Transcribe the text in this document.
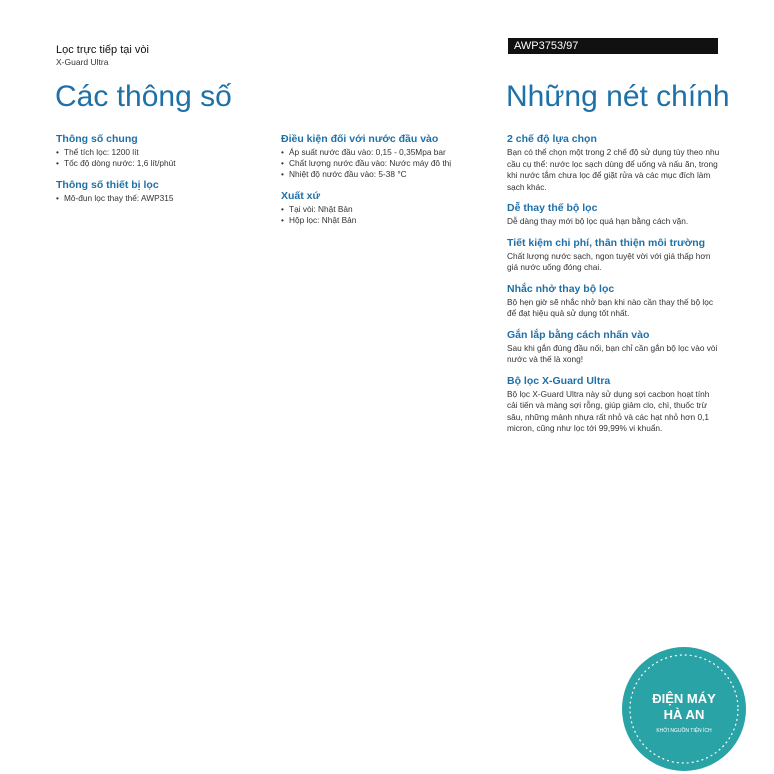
Lọc trực tiếp tại vòi
X-Guard Ultra
AWP3753/97
Các thông số	Những nét chính
Thông số chung
• Thể tích lọc: 1200 lít
• Tốc độ dòng nước: 1,6 lít/phút
Thông số thiết bị lọc
• Mô-đun lọc thay thế: AWP315
Điều kiện đối với nước đầu vào
• Áp suất nước đầu vào: 0,15 - 0,35Mpa bar
• Chất lượng nước đầu vào: Nước máy đô thị
• Nhiệt độ nước đầu vào: 5-38 °C
Xuất xứ
• Tại vòi: Nhật Bản
• Hộp lọc: Nhật Bản
2 chế độ lựa chọn

Bạn có thể chọn một trong 2 chế độ sử dụng tùy theo nhu cầu cụ thể: nước lọc sạch dùng để uống và nấu ăn, trong khi nước tắm chưa lọc để giặt rửa và các mục đích làm sạch khác.

Dễ thay thế bộ lọc

Dễ dàng thay mới bộ lọc quá hạn bằng cách vặn.

Tiết kiệm chi phí, thân thiện môi trường

Chất lượng nước sạch, ngon tuyệt vời với giá thấp hơn giá nước uống đóng chai.

Nhắc nhở thay bộ lọc

Bộ hẹn giờ sẽ nhắc nhở bạn khi nào cần thay thế bộ lọc để đạt hiệu quả sử dụng tốt nhất.

Gắn lắp bằng cách nhấn vào

Sau khi gắn đúng đầu nối, bạn chỉ cần gắn bộ lọc vào vòi nước và thế là xong!

Bộ lọc X-Guard Ultra

Bộ lọc X-Guard Ultra này sử dụng sợi cacbon hoạt tính cải tiến và màng sợi rỗng, giúp giảm clo, chì, thuốc trừ sâu, những mảnh nhựa rất nhỏ và các hạt nhỏ hơn 0,1 micron, cũng như lọc tới 99,99% vi khuẩn.

ĐIỆN MÁY
HÀ AN
KHỞI NGUỒN TIỆN ÍCH
